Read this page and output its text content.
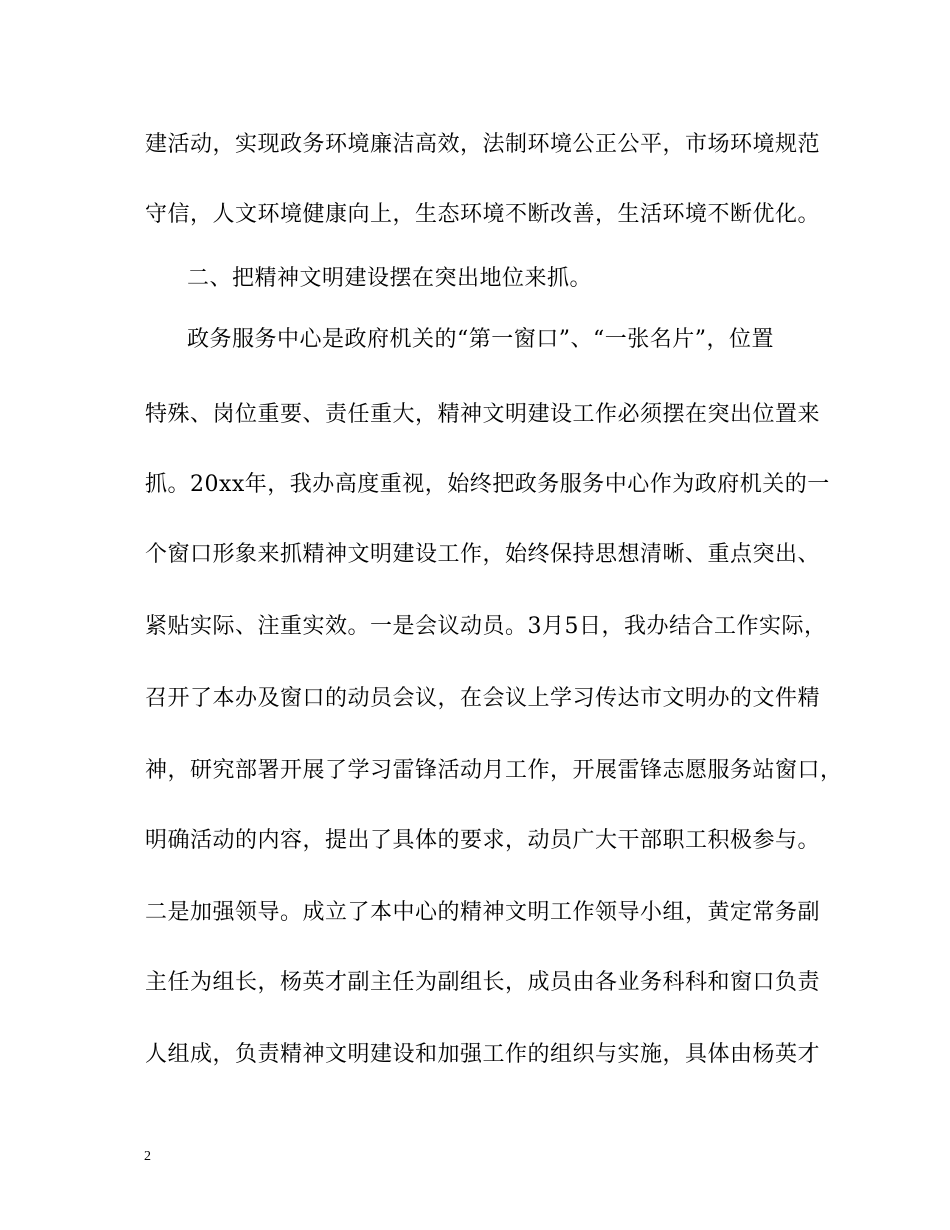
建活动，实现政务环境廉洁高效，法制环境公正公平，市场环境规范
守信，人文环境健康向上，生态环境不断改善，生活环境不断优化。
二、把精神文明建设摆在突出地位来抓。
政务服务中心是政府机关的“第一窗口”、“一张名片”，位置
特殊、岗位重要、责任重大，精神文明建设工作必须摆在突出位置来
抓。20xx年，我办高度重视，始终把政务服务中心作为政府机关的一
个窗口形象来抓精神文明建设工作，始终保持思想清晰、重点突出、
紧贴实际、注重实效。一是会议动员。3月5日，我办结合工作实际，
召开了本办及窗口的动员会议，在会议上学习传达市文明办的文件精
神，研究部署开展了学习雷锋活动月工作，开展雷锋志愿服务站窗口，
明确活动的内容，提出了具体的要求，动员广大干部职工积极参与。
二是加强领导。成立了本中心的精神文明工作领导小组，黄定常务副
主任为组长，杨英才副主任为副组长，成员由各业务科科和窗口负责
人组成，负责精神文明建设和加强工作的组织与实施，具体由杨英才
2
